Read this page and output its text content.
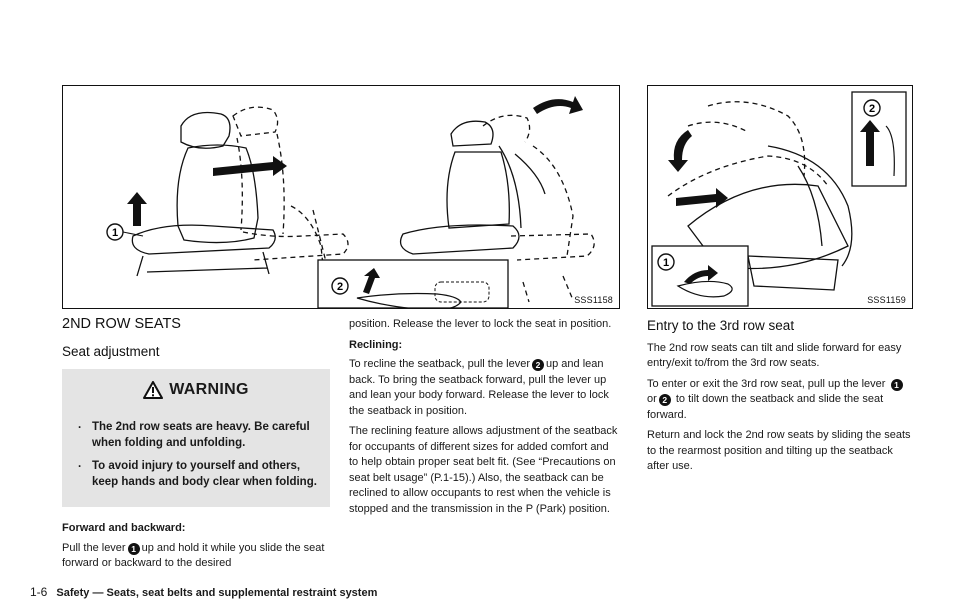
1
2
SSS1158
2
1
SSS1159
2ND ROW SEATS
Seat adjustment
WARNING
. The 2nd row seats are heavy. Be careful when folding and unfolding.
. To avoid injury to yourself and others, keep hands and body clear when folding.
Forward and backward:

Pull the lever 1 up and hold it while you slide the seat forward or backward to the desired

position. Release the lever to lock the seat in position.

Reclining:

To recline the seatback, pull the lever 2 up and lean back. To bring the seatback forward, pull the lever up and lean your body forward. Release the lever to lock the seatback in position.

The reclining feature allows adjustment of the seatback for occupants of different sizes for added comfort and to help obtain proper seat belt fit. (See “Precautions on seat belt usage” (P.1-15).) Also, the seatback can be reclined to allow occupants to rest when the vehicle is stopped and the transmission in the P (Park) position.

Entry to the 3rd row seat

The 2nd row seats can tilt and slide forward for easy entry/exit to/from the 3rd row seats.

To enter or exit the 3rd row seat, pull up the lever 1 or 2 to tilt down the seatback and slide the seat forward.

Return and lock the 2nd row seats by sliding the seats to the rearmost position and tilting up the seatback after use.

1-6 Safety — Seats, seat belts and supplemental restraint system
